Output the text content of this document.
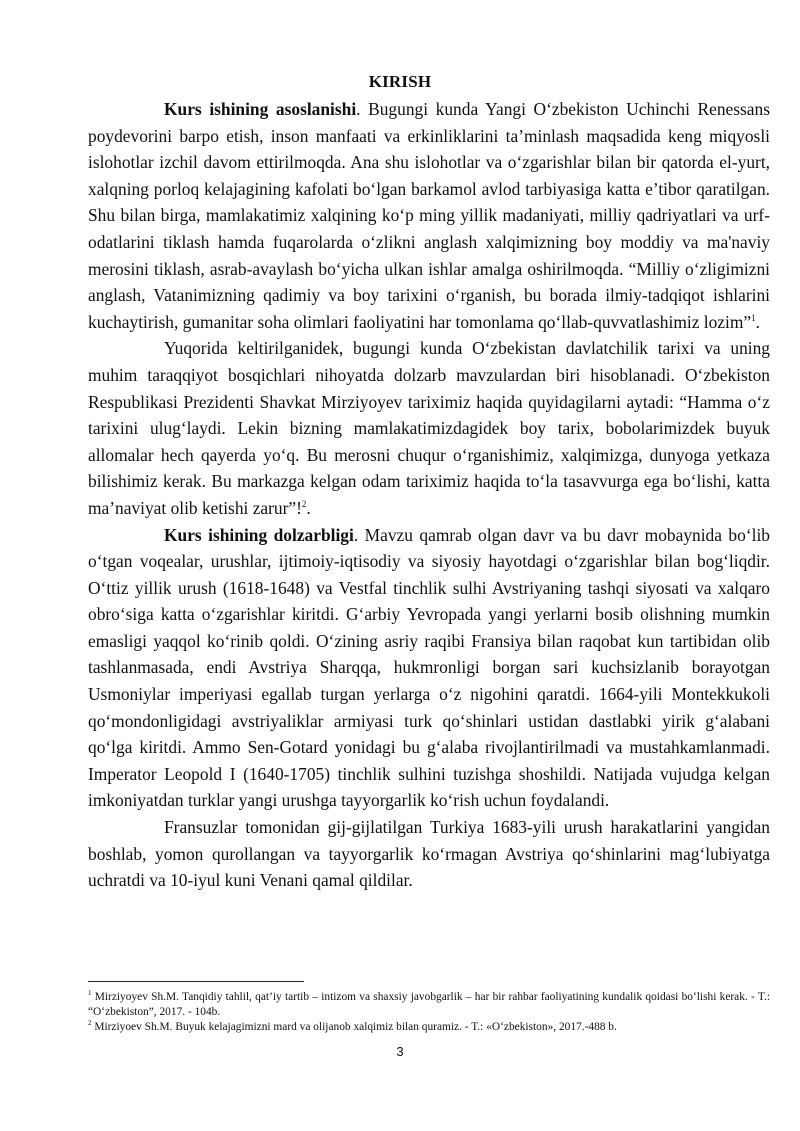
KIRISH

Kurs ishining asoslanishi. Bugungi kunda Yangi O‘zbekiston Uchinchi Renessans poydevorini barpo etish, inson manfaati va erkinliklarini ta’minlash maqsadida keng miqyosli islohotlar izchil davom ettirilmoqda. Ana shu islohotlar va o‘zgarishlar bilan bir qatorda el-yurt, xalqning porloq kelajagining kafolati bo‘lgan barkamol avlod tarbiyasiga katta e’tibor qaratilgan. Shu bilan birga, mamlakatimiz xalqining ko‘p ming yillik madaniyati, milliy qadriyatlari va urf-odatlarini tiklash hamda fuqarolarda o‘zlikni anglash xalqimizning boy moddiy va ma'naviy merosini tiklash, asrab-avaylash bo‘yicha ulkan ishlar amalga oshirilmoqda. “Milliy o‘zligimizni anglash, Vatanimizning qadimiy va boy tarixini o‘rganish, bu borada ilmiy-tadqiqot ishlarini kuchaytirish, gumanitar soha olimlari faoliyatini har tomonlama qo‘llab-quvvatlashimiz lozim”$^1$.

Yuqorida keltirilganidek, bugungi kunda O‘zbekistan davlatchilik tarixi va uning muhim taraqqiyot bosqichlari nihoyatda dolzarb mavzulardan biri hisoblanadi. O‘zbekiston Respublikasi Prezidenti Shavkat Mirziyoyev tariximiz haqida quyidagilarni aytadi: “Hamma o‘z tarixini ulug‘laydi. Lekin bizning mamlakatimizdagidek boy tarix, bobolarimizdek buyuk allomalar hech qayerda yo‘q. Bu merosni chuqur o‘rganishimiz, xalqimizga, dunyoga yetkaza bilishimiz kerak. Bu markazga kelgan odam tariximiz haqida to‘la tasavvurga ega bo‘lishi, katta ma’naviyat olib ketishi zarur”!$^2$.

Kurs ishining dolzarbligi. Mavzu qamrab olgan davr va bu davr mobaynida bo‘lib o‘tgan voqealar, urushlar, ijtimoiy-iqtisodiy va siyosiy hayotdagi o‘zgarishlar bilan bog‘liqdir. O‘ttiz yillik urush (1618-1648) va Vestfal tinchlik sulhi Avstriyaning tashqi siyosati va xalqaro obro‘siga katta o‘zgarishlar kiritdi. G‘arbiy Yevropada yangi yerlarni bosib olishning mumkin emasligi yaqqol ko‘rinib qoldi. O‘zining asriy raqibi Fransiya bilan raqobat kun tartibidan olib tashlanmasada, endi Avstriya Sharqqa, hukmronligi borgan sari kuchsizlanib borayotgan Usmoniylar imperiyasi egallab turgan yerlarga o‘z nigohini qaratdi. 1664-yili Montekkukoli qo‘mondonligidagi avstriyaliklar armiyasi turk qo‘shinlari ustidan dastlabki yirik g‘alabani qo‘lga kiritdi. Ammo Sen-Gotard yonidagi bu g‘alaba rivojlantirilmadi va mustahkamlanmadi. Imperator Leopold I (1640-1705) tinchlik sulhini tuzishga shoshildi. Natijada vujudga kelgan imkoniyatdan turklar yangi urushga tayyorgarlik ko‘rish uchun foydalandi.

Fransuzlar tomonidan gij-gijlatilgan Turkiya 1683-yili urush harakatlarini yangidan boshlab, yomon qurollangan va tayyorgarlik ko‘rmagan Avstriya qo‘shinlarini mag‘lubiyatga uchratdi va 10-iyul kuni Venani qamal qildilar.

$^1$ Mirziyoyev Sh.M. Tanqidiy tahlil, qat’iy tartib – intizom va shaxsiy javobgarlik – har bir rahbar faoliyatining kundalik qoidasi bo‘lishi kerak. - T.: “O‘zbekiston”, 2017. - 104b.

$^2$ Mirziyoev Sh.M. Buyuk kelajagimizni mard va olijanob xalqimiz bilan quramiz. - T.: «O‘zbekiston», 2017.-488 b.

3
